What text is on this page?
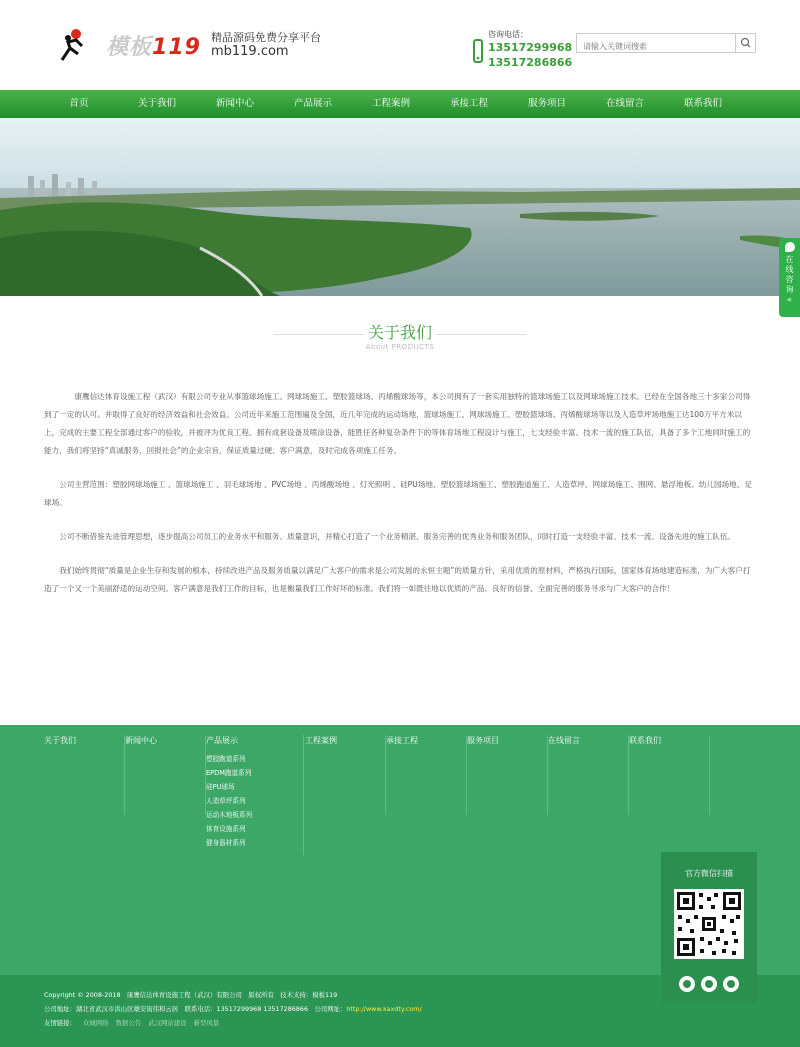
模板119 精品源码免费分享平台
mb119.com
咨询电话：
13517299968
13517286866
请输入关键词搜索
首页	关于我们	新闻中心	产品展示	工程案例	承接工程	服务项目	在线留言	联系我们
在
线
咨
询
«
关于我们
About PRODUCTS

康鹰信达体育设施工程（武汉）有限公司专业从事篮球场施工、网球场施工、塑胶篮球场、丙烯酸球场等，本公司拥有了一套实用独特的篮球场施工以及网球场施工技术。已经在全国各地三十多家公司得到了一定的认可。并取得了良好的经济效益和社会效益。公司近年来施工范围遍及全国，近几年完成的运动场地，篮球场施工、网球场施工、塑胶篮球场、丙烯酸球场等以及人造草坪场地施工达100万平方米以上，完成的主要工程全部通过客户的验收，并被评为优良工程。拥有成套设备及喷涂设备，能胜任各种复杂条件下的等体育场地工程设计与施工，七支经验丰富、技术一流的施工队伍，具备了多个工地同时施工的能力，我们将坚持“真诚服务，回报社会”的企业宗旨，保证质量过硬、客户满意，及时完成各项施工任务。

公司主营范围：塑胶网球场施工 、篮球场施工 、羽毛球场地 、PVC场地 、丙烯酸场地 、灯光照明 、硅PU场地、塑胶篮球场施工、塑胶跑道施工、人造草坪、网球场施工、围网、悬浮地板、幼儿园场地、足球场。

公司不断借鉴先进管理思想，逐步提高公司员工的业务水平和服务、质量意识，并精心打造了一个业务精湛、服务完善的优秀业务和服务团队，同时打造一支经验丰富、技术一流、设备先进的施工队伍。

我们始终贯彻“质量是企业生存和发展的根本，持续改进产品及服务质量以满足广大客户的需求是公司发展的永恒主题”的质量方针，采用优质的原材料，严格执行国际、国家体育场地建造标准，为广大客户打造了一个又一个美丽舒适的运动空间。客户满意是我们工作的目标，也是衡量我们工作好坏的标准。我们将一如既往地以优质的产品、良好的信誉、全面完善的服务寻求与广大客户的合作！

关于我们	新闻中心	产品展示
塑胶跑道系列
EPDM跑道系列
硅PU球场
人造草坪系列
运动木地板系列
体育设施系列
健身器材系列
工程案例	承接工程	服务项目	在线留言	联系我们
Copyright © 2008-2018　康鹰信达体育设施工程（武汉）有限公司　版权所有　技术支持：模板119
公司地址：湖北省武汉市洪山区雄安街伟和云居　联系电话：13517299968 13517286866　公司网址：http://www.kaxdty.com/
友情链接： 众城网络 数据公告 武汉网站建设 新型风景
官方微信扫描
